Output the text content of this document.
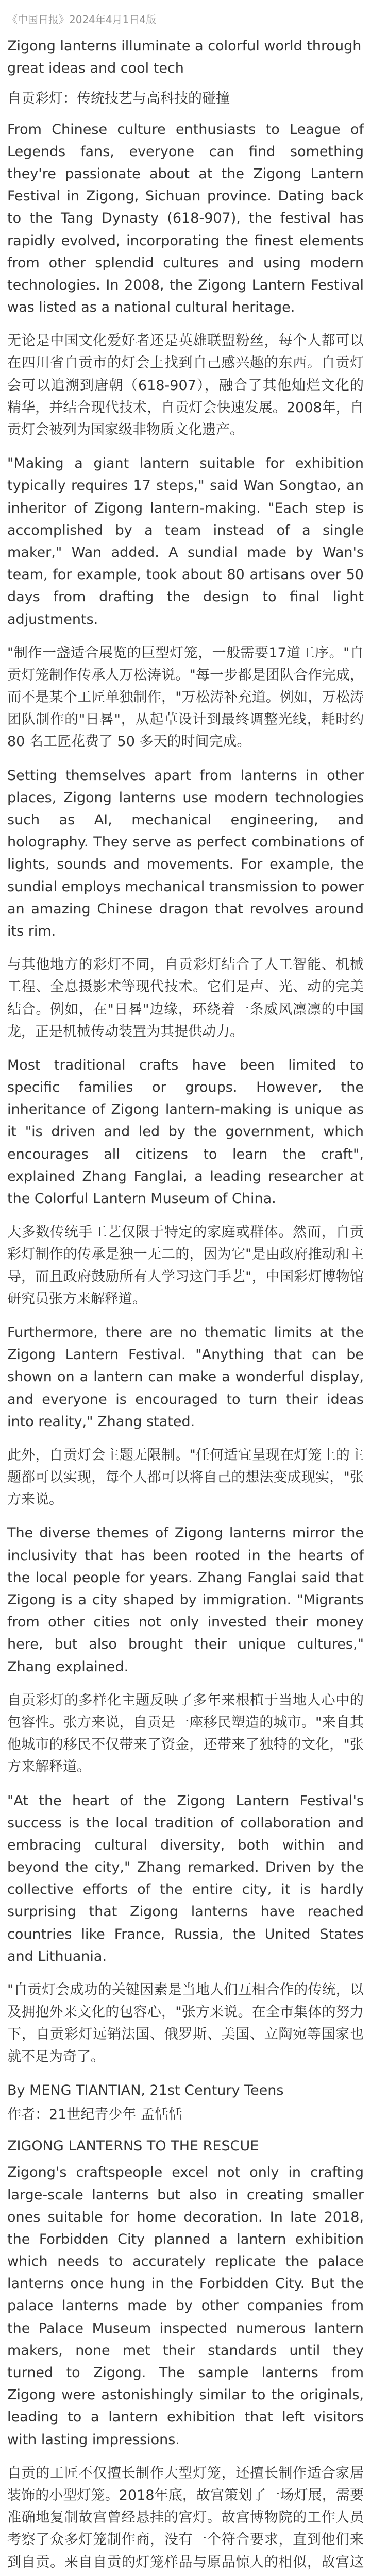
《中国日报》2024年4月1日4版
Zigong lanterns illuminate a colorful world through great ideas and cool tech
自贡彩灯：传统技艺与高科技的碰撞

From Chinese culture enthusiasts to League of Legends fans, everyone can find something they're passionate about at the Zigong Lantern Festival in Zigong, Sichuan province. Dating back to the Tang Dynasty (618-907), the festival has rapidly evolved, incorporating the finest elements from other splendid cultures and using modern technologies. In 2008, the Zigong Lantern Festival was listed as a national cultural heritage.

无论是中国文化爱好者还是英雄联盟粉丝，每个人都可以在四川省自贡市的灯会上找到自己感兴趣的东西。自贡灯会可以追溯到唐朝（618-907），融合了其他灿烂文化的精华，并结合现代技术，自贡灯会快速发展。2008年，自贡灯会被列为国家级非物质文化遗产。

"Making a giant lantern suitable for exhibition typically requires 17 steps," said Wan Songtao, an inheritor of Zigong lantern-making. "Each step is accomplished by a team instead of a single maker," Wan added. A sundial made by Wan's team, for example, took about 80 artisans over 50 days from drafting the design to final light adjustments.

"制作一盏适合展览的巨型灯笼，一般需要17道工序。"自贡灯笼制作传承人万松涛说。"每一步都是团队合作完成，而不是某个工匠单独制作，"万松涛补充道。例如，万松涛团队制作的"日晷"，从起草设计到最终调整光线，耗时约 80 名工匠花费了 50 多天的时间完成。

Setting themselves apart from lanterns in other places, Zigong lanterns use modern technologies such as AI, mechanical engineering, and holography. They serve as perfect combinations of lights, sounds and movements. For example, the sundial employs mechanical transmission to power an amazing Chinese dragon that revolves around its rim.

与其他地方的彩灯不同，自贡彩灯结合了人工智能、机械工程、全息摄影术等现代技术。它们是声、光、动的完美结合。例如，在"日晷"边缘，环绕着一条威风凛凛的中国龙，正是机械传动装置为其提供动力。

Most traditional crafts have been limited to specific families or groups. However, the inheritance of Zigong lantern-making is unique as it "is driven and led by the government, which encourages all citizens to learn the craft", explained Zhang Fanglai, a leading researcher at the Colorful Lantern Museum of China.

大多数传统手工艺仅限于特定的家庭或群体。然而，自贡彩灯制作的传承是独一无二的，因为它"是由政府推动和主导，而且政府鼓励所有人学习这门手艺"，中国彩灯博物馆研究员张方来解释道。

Furthermore, there are no thematic limits at the Zigong Lantern Festival. "Anything that can be shown on a lantern can make a wonderful display, and everyone is encouraged to turn their ideas into reality," Zhang stated.

此外，自贡灯会主题无限制。"任何适宜呈现在灯笼上的主题都可以实现，每个人都可以将自己的想法变成现实，"张方来说。

The diverse themes of Zigong lanterns mirror the inclusivity that has been rooted in the hearts of the local people for years. Zhang Fanglai said that Zigong is a city shaped by immigration. "Migrants from other cities not only invested their money here, but also brought their unique cultures," Zhang explained.

自贡彩灯的多样化主题反映了多年来根植于当地人心中的包容性。张方来说，自贡是一座移民塑造的城市。"来自其他城市的移民不仅带来了资金，还带来了独特的文化，"张方来解释道。

"At the heart of the Zigong Lantern Festival's success is the local tradition of collaboration and embracing cultural diversity, both within and beyond the city," Zhang remarked. Driven by the collective efforts of the entire city, it is hardly surprising that Zigong lanterns have reached countries like France, Russia, the United States and Lithuania.

"自贡灯会成功的关键因素是当地人们互相合作的传统，以及拥抱外来文化的包容心，"张方来说。在全市集体的努力下，自贡彩灯远销法国、俄罗斯、美国、立陶宛等国家也就不足为奇了。

By MENG TIANTIAN, 21st Century Teens

作者：21世纪青少年 孟恬恬

ZIGONG LANTERNS TO THE RESCUE

Zigong's craftspeople excel not only in crafting large-scale lanterns but also in creating smaller ones suitable for home decoration. In late 2018, the Forbidden City planned a lantern exhibition which needs to accurately replicate the palace lanterns once hung in the Forbidden City. But the palace lanterns made by other companies from the Palace Museum inspected numerous lantern makers, none met their standards until they turned to Zigong. The sample lanterns from Zigong were astonishingly similar to the originals, leading to a lantern exhibition that left visitors with lasting impressions.

自贡的工匠不仅擅长制作大型灯笼，还擅长制作适合家居装饰的小型灯笼。2018年底，故宫策划了一场灯展，需要准确地复制故宫曾经悬挂的宫灯。故宫博物院的工作人员考察了众多灯笼制作商，没有一个符合要求，直到他们来到自贡。来自自贡的灯笼样品与原品惊人的相似，故宫这
